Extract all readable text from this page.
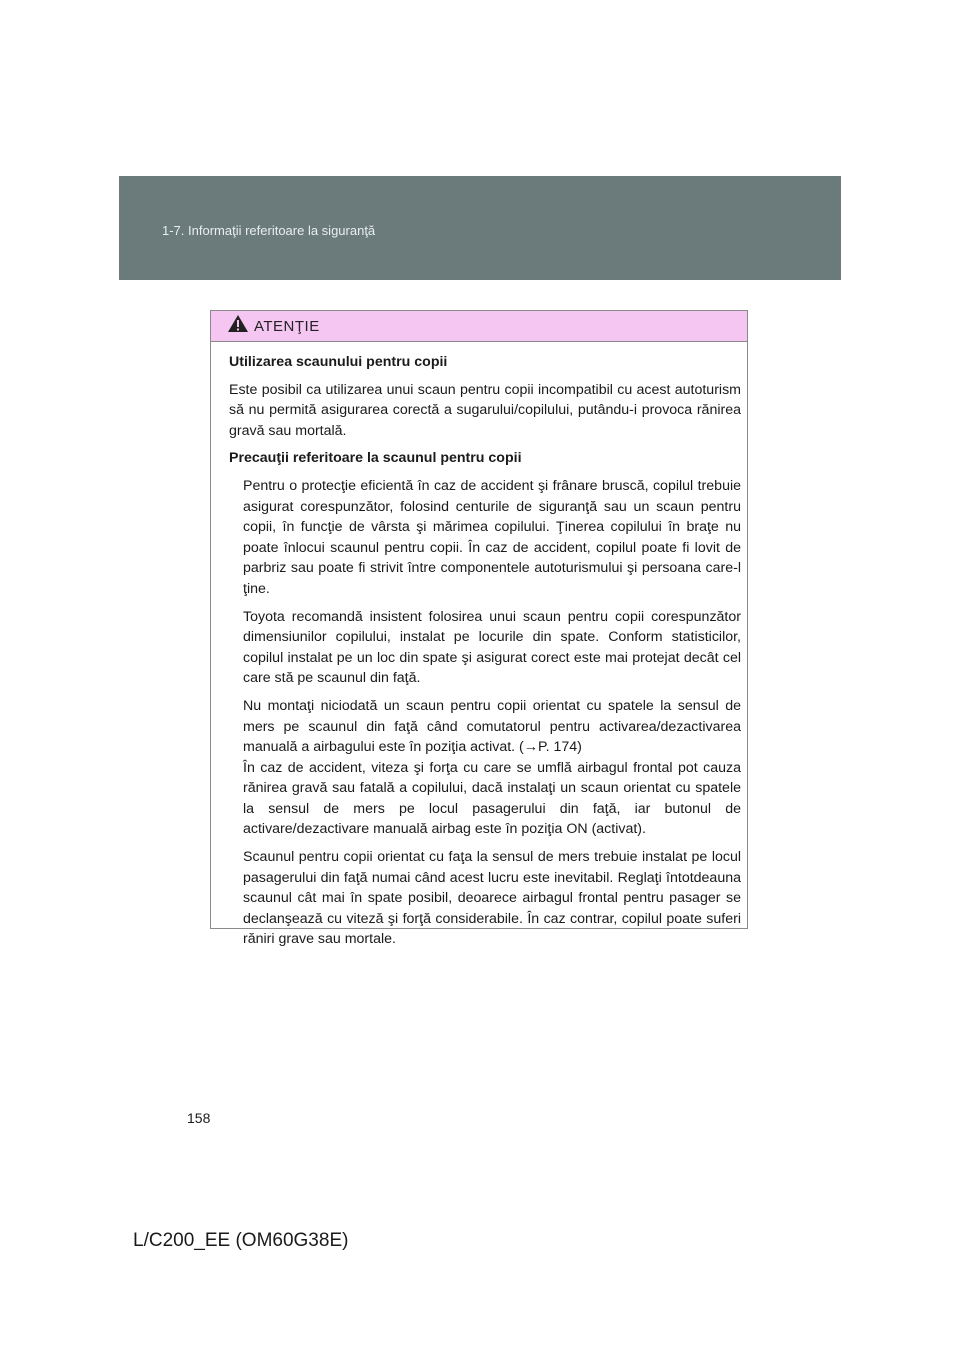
1-7. Informaţii referitoare la siguranţă
ATENŢIE

Utilizarea scaunului pentru copii

Este posibil ca utilizarea unui scaun pentru copii incompatibil cu acest autoturism să nu permită asigurarea corectă a sugarului/copilului, putându-i provoca rănirea gravă sau mortală.

Precauţii referitoare la scaunul pentru copii

Pentru o protecţie eficientă în caz de accident şi frânare bruscă, copilul trebuie asigurat corespunzător, folosind centurile de siguranţă sau un scaun pentru copii, în funcţie de vârsta şi mărimea copilului. Ţinerea copilului în braţe nu poate înlocui scaunul pentru copii. În caz de accident, copilul poate fi lovit de parbriz sau poate fi strivit între componentele autoturismului şi persoana care-l ţine.

Toyota recomandă insistent folosirea unui scaun pentru copii corespunzător dimensiunilor copilului, instalat pe locurile din spate. Conform statisticilor, copilul instalat pe un loc din spate şi asigurat corect este mai protejat decât cel care stă pe scaunul din faţă.

Nu montaţi niciodată un scaun pentru copii orientat cu spatele la sensul de mers pe scaunul din faţă când comutatorul pentru activarea/dezactivarea manuală a airbagului este în poziţia activat. (→P. 174)

În caz de accident, viteza şi forţa cu care se umflă airbagul frontal pot cauza rănirea gravă sau fatală a copilului, dacă instalaţi un scaun orientat cu spatele la sensul de mers pe locul pasagerului din faţă, iar butonul de activare/dezactivare manuală airbag este în poziţia ON (activat).

Scaunul pentru copii orientat cu faţa la sensul de mers trebuie instalat pe locul pasagerului din faţă numai când acest lucru este inevitabil. Reglaţi întotdeauna scaunul cât mai în spate posibil, deoarece airbagul frontal pentru pasager se declanşează cu viteză şi forţă considerabile. În caz contrar, copilul poate suferi răniri grave sau mortale.

158
L/C200_EE (OM60G38E)
